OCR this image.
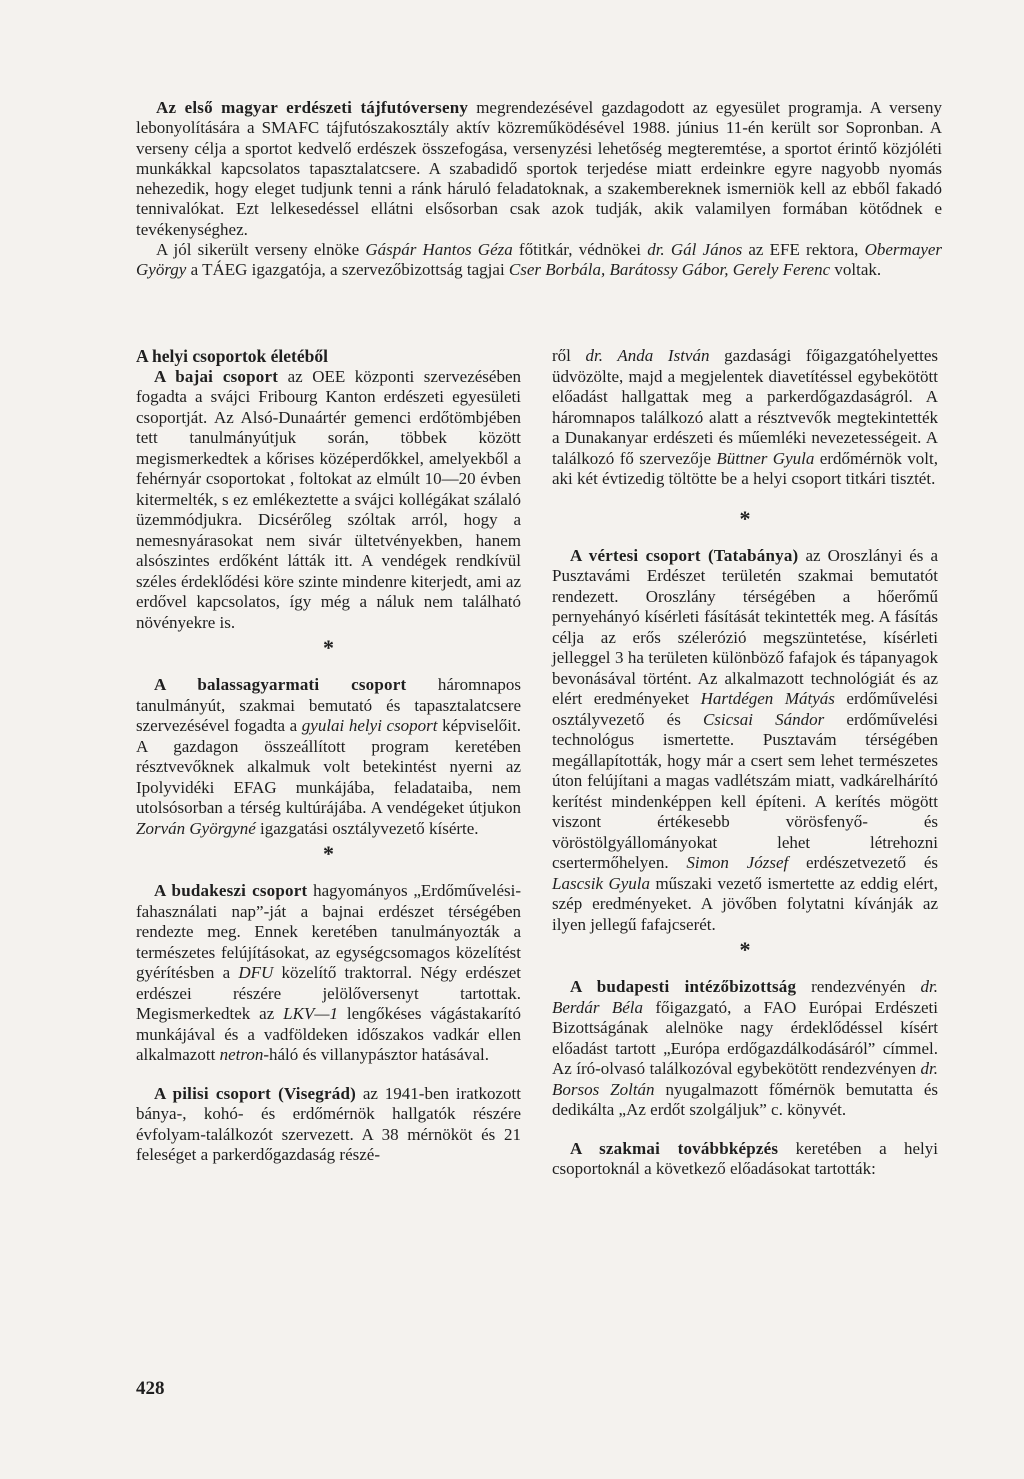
Az első magyar erdészeti tájfutóverseny megrendezésével gazdagodott az egyesület programja. A verseny lebonyolítására a SMAFC tájfutószakosztály aktív közreműködésével 1988. június 11-én került sor Sopronban. A verseny célja a sportot kedvelő erdészek összefogása, versenyzési lehetőség megteremtése, a sportot érintő közjóléti munkákkal kapcsolatos tapasztalatcsere. A szabadidő sportok terjedése miatt erdeinkre egyre nagyobb nyomás nehezedik, hogy eleget tudjunk tenni a ránk háruló feladatoknak, a szakembereknek ismerniök kell az ebből fakadó tennivalókat. Ezt lelkesedéssel ellátni elsősorban csak azok tudják, akik valamilyen formában kötődnek e tevékenységhez.

A jól sikerült verseny elnöke Gáspár Hantos Géza főtitkár, védnökei dr. Gál János az EFE rektora, Obermayer György a TÁEG igazgatója, a szervezőbizottság tagjai Cser Borbála, Barátossy Gábor, Gerely Ferenc voltak.

A helyi csoportok életéből

A bajai csoport az OEE központi szervezésében fogadta a svájci Fribourg Kanton erdészeti egyesületi csoportját. Az Alsó-Dunaártér gemenci erdőtömbjében tett tanulmányútjuk során, többek között megismerkedtek a kőrises középerdőkkel, amelyekből a fehérnyár csoportokat , foltokat az elmúlt 10—20 évben kitermelték, s ez emlékeztette a svájci kollégákat szálaló üzemmódjukra. Dicsérőleg szóltak arról, hogy a nemesnyárasokat nem sivár ültetvényekben, hanem alsószintes erdőként látták itt. A vendégek rendkívül széles érdeklődési köre szinte mindenre kiterjedt, ami az erdővel kapcsolatos, így még a náluk nem található növényekre is.

*

A balassagyarmati csoport háromnapos tanulmányút, szakmai bemutató és tapasztalatcsere szervezésével fogadta a gyulai helyi csoport képviselőit. A gazdagon összeállított program keretében résztvevőknek alkalmuk volt betekintést nyerni az Ipolyvidéki EFAG munkájába, feladataiba, nem utolsósorban a térség kultúrájába. A vendégeket útjukon Zorván Györgyné igazgatási osztályvezető kísérte.

*

A budakeszi csoport hagyományos „Erdőművelési-fahasználati nap”-ját a bajnai erdészet térségében rendezte meg. Ennek keretében tanulmányozták a természetes felújításokat, az egységcsomagos közelítést gyérítésben a DFU közelítő traktorral. Négy erdészet erdészei részére jelölőversenyt tartottak. Megismerkedtek az LKV—1 lengőkéses vágástakarító munkájával és a vadföldeken időszakos vadkár ellen alkalmazott netron-háló és villanypásztor hatásával.

A pilisi csoport (Visegrád) az 1941-ben iratkozott bánya-, kohó- és erdőmérnök hallgatók részére évfolyam-találkozót szervezett. A 38 mérnököt és 21 feleséget a parkerdőgazdaság részé-

ről dr. Anda István gazdasági főigazgatóhelyettes üdvözölte, majd a megjelentek diavetítéssel egybekötött előadást hallgattak meg a parkerdőgazdaságról. A háromnapos találkozó alatt a résztvevők megtekintették a Dunakanyar erdészeti és műemléki nevezetességeit. A találkozó fő szervezője Büttner Gyula erdőmérnök volt, aki két évtizedig töltötte be a helyi csoport titkári tisztét.

*

A vértesi csoport (Tatabánya) az Oroszlányi és a Pusztavámi Erdészet területén szakmai bemutatót rendezett. Oroszlány térségében a hőerőmű pernyehányó kísérleti fásítását tekintették meg. A fásítás célja az erős szélerózió megszüntetése, kísérleti jelleggel 3 ha területen különböző fafajok és tápanyagok bevonásával történt. Az alkalmazott technológiát és az elért eredményeket Hartdégen Mátyás erdőművelési osztályvezető és Csicsai Sándor erdőművelési technológus ismertette. Pusztavám térségében megállapították, hogy már a csert sem lehet természetes úton felújítani a magas vadlétszám miatt, vadkárelhárító kerítést mindenképpen kell építeni. A kerítés mögött viszont értékesebb vörösfenyő- és vöröstölgyállományokat lehet létrehozni csertermőhelyen. Simon József erdészetvezető és Lascsik Gyula műszaki vezető ismertette az eddig elért, szép eredményeket. A jövőben folytatni kívánják az ilyen jellegű fafajcserét.

*

A budapesti intézőbizottság rendezvényén dr. Berdár Béla főigazgató, a FAO Európai Erdészeti Bizottságának alelnöke nagy érdeklődéssel kísért előadást tartott „Európa erdőgazdálkodásáról” címmel. Az író-olvasó találkozóval egybekötött rendezvényen dr. Borsos Zoltán nyugalmazott főmérnök bemutatta és dedikálta „Az erdőt szolgáljuk” c. könyvét.

A szakmai továbbképzés keretében a helyi csoportoknál a következő előadásokat tartották:

428
